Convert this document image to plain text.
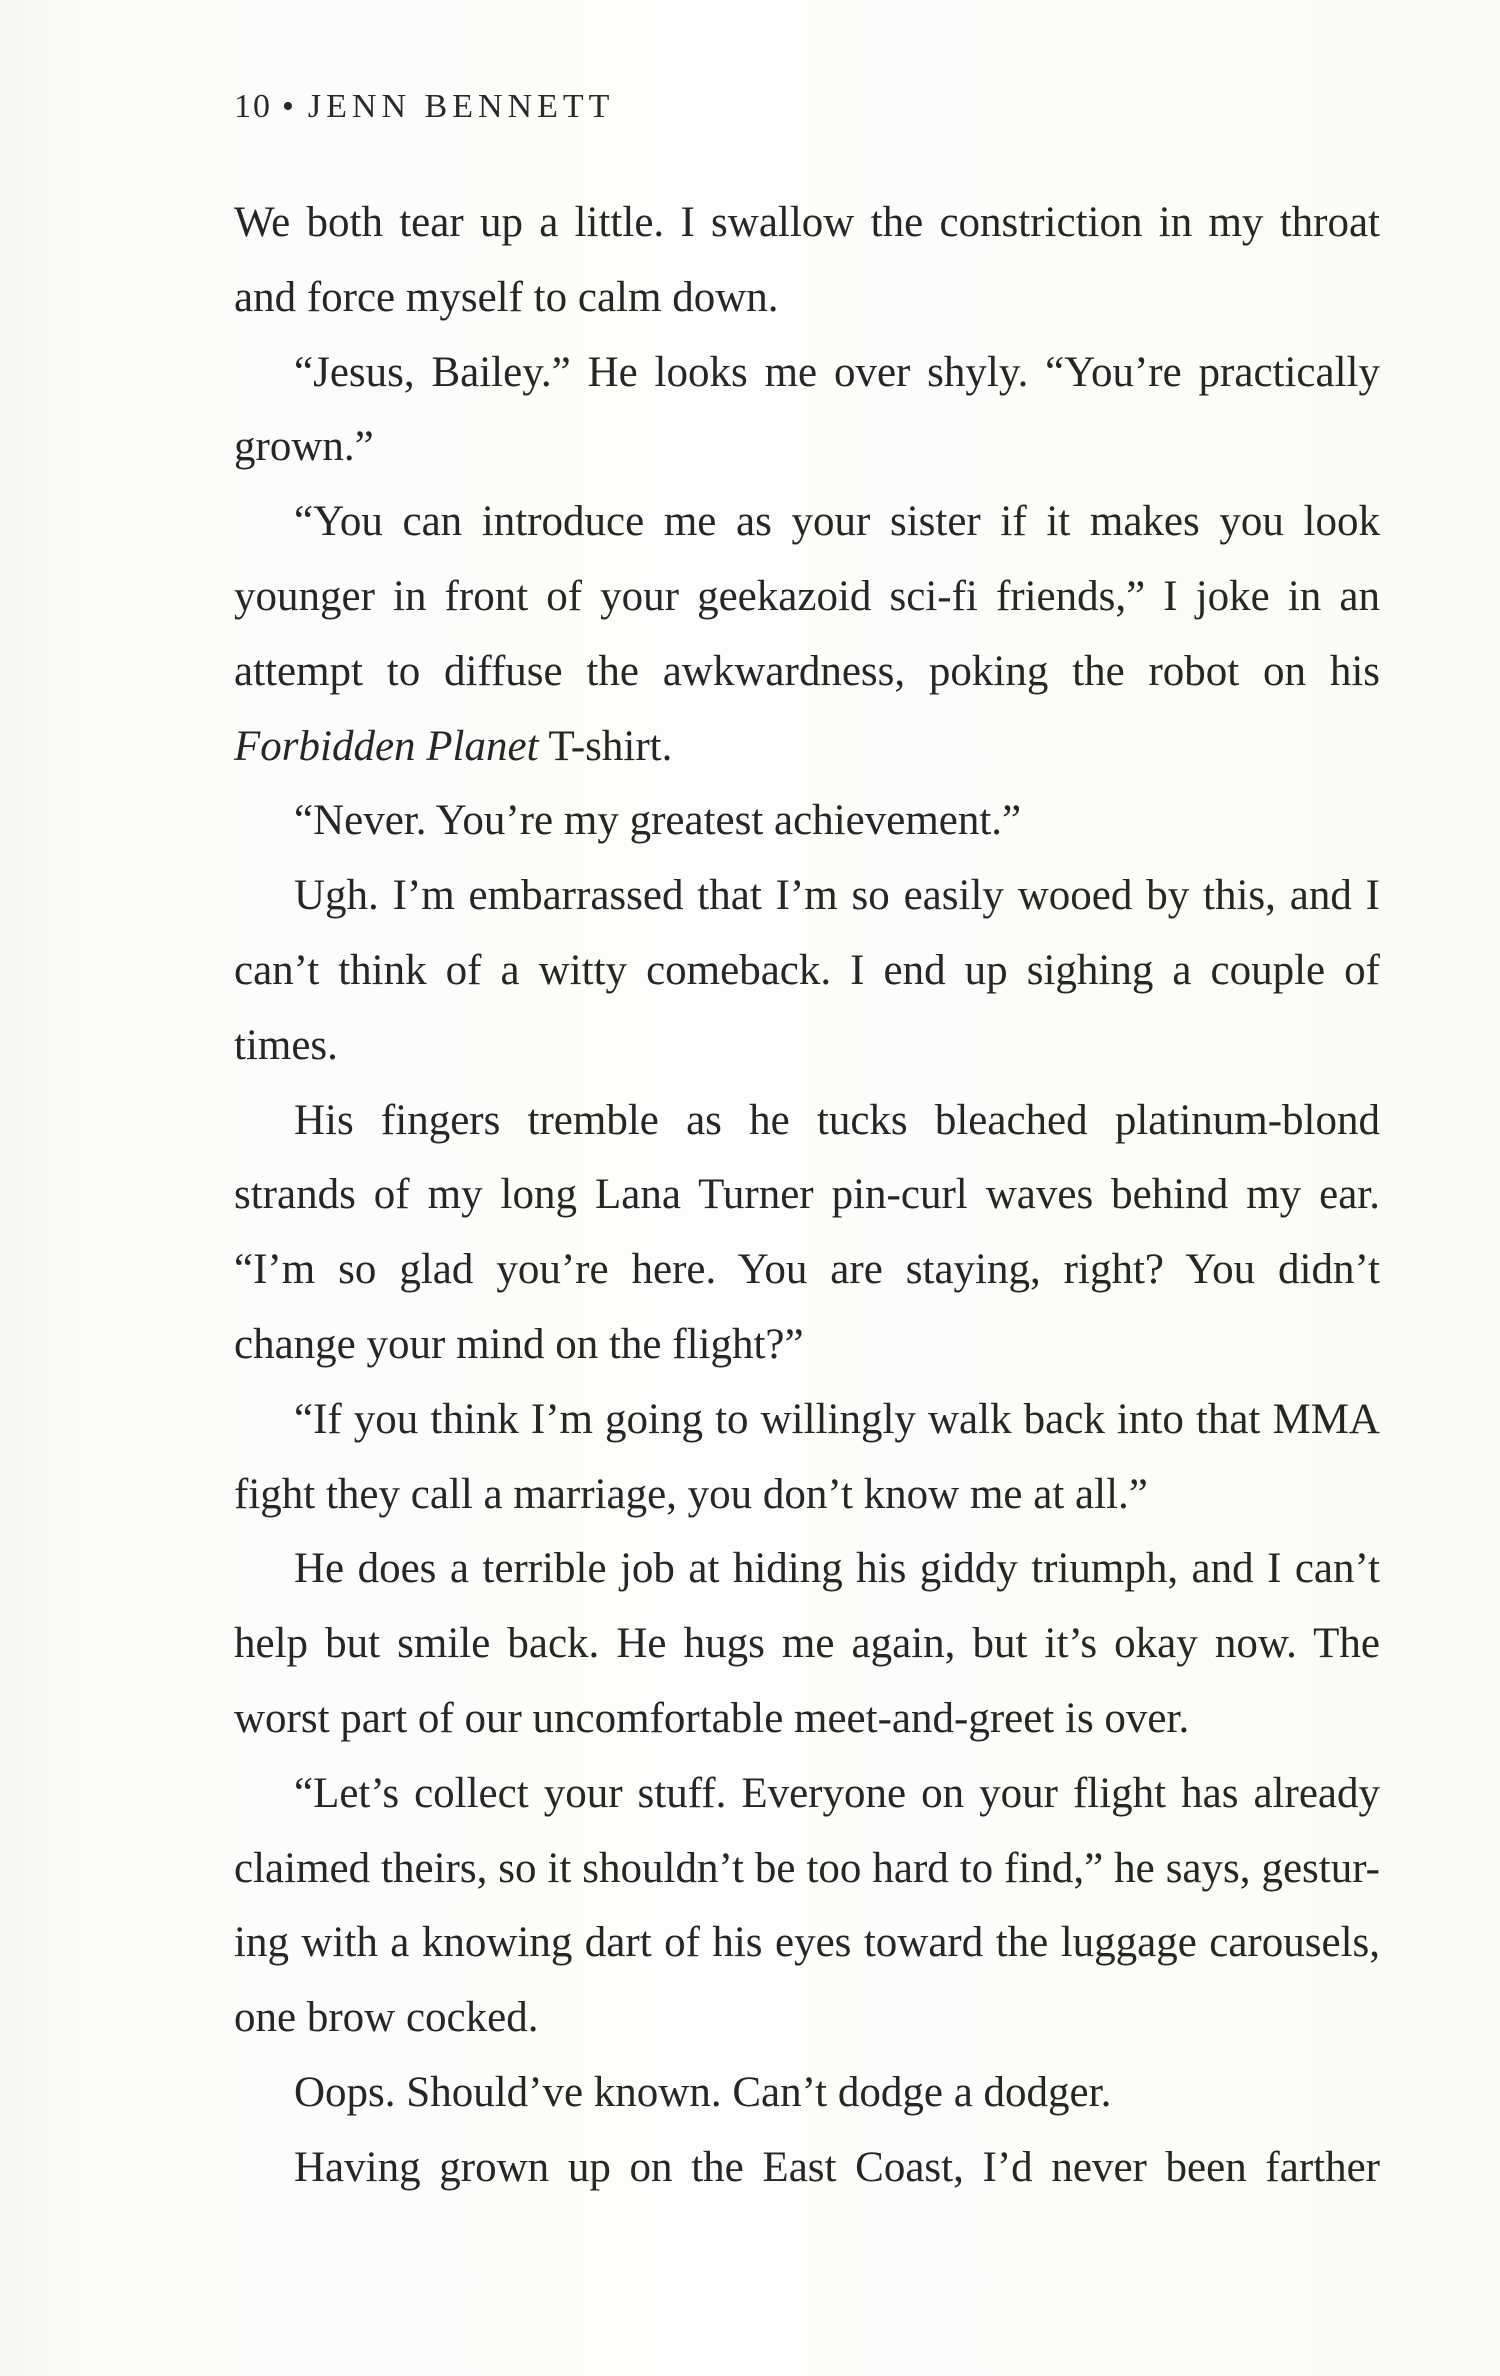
10 • JENN BENNETT

We both tear up a little. I swallow the constriction in my throat and force myself to calm down.

“Jesus, Bailey.” He looks me over shyly. “You’re practically grown.”

“You can introduce me as your sister if it makes you look younger in front of your geekazoid sci-fi friends,” I joke in an attempt to diffuse the awkwardness, poking the robot on his Forbidden Planet T-shirt.

“Never. You’re my greatest achievement.”

Ugh. I’m embarrassed that I’m so easily wooed by this, and I can’t think of a witty comeback. I end up sighing a couple of times.

His fingers tremble as he tucks bleached platinum-blond strands of my long Lana Turner pin-curl waves behind my ear. “I’m so glad you’re here. You are staying, right? You didn’t change your mind on the flight?”

“If you think I’m going to willingly walk back into that MMA fight they call a marriage, you don’t know me at all.”

He does a terrible job at hiding his giddy triumph, and I can’t help but smile back. He hugs me again, but it’s okay now. The worst part of our uncomfortable meet-and-greet is over.

“Let’s collect your stuff. Everyone on your flight has already claimed theirs, so it shouldn’t be too hard to find,” he says, gestur-ing with a knowing dart of his eyes toward the luggage carousels, one brow cocked.

Oops. Should’ve known. Can’t dodge a dodger.

Having grown up on the East Coast, I’d never been farther
